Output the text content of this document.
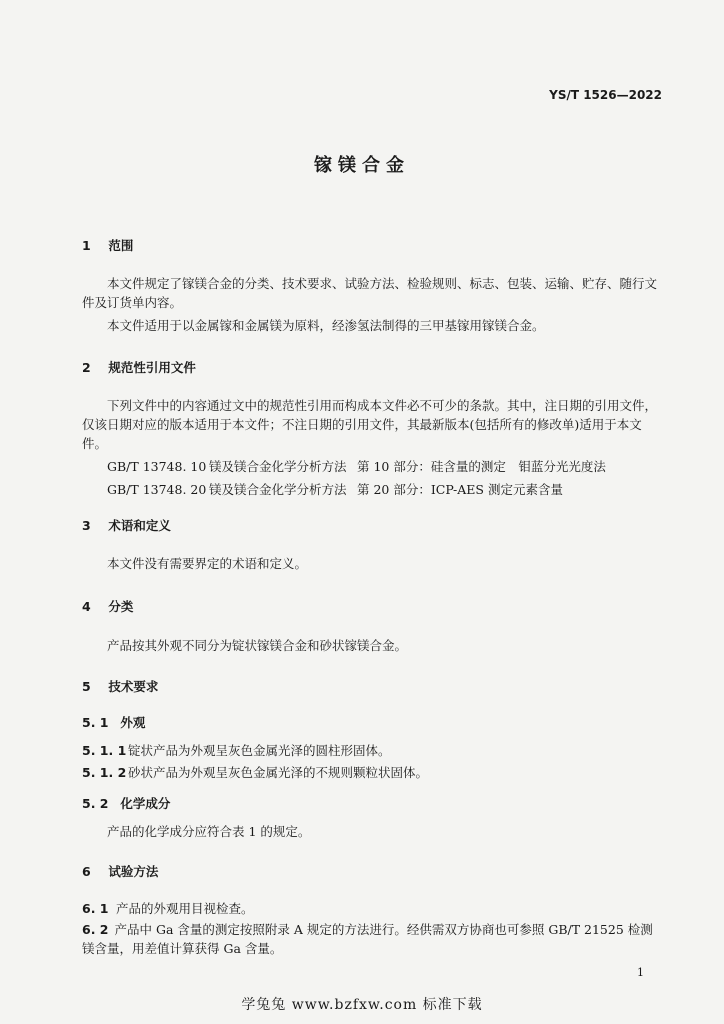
YS/T 1526—2022
镓镁合金
1 范围
本文件规定了镓镁合金的分类、技术要求、试验方法、检验规则、标志、包装、运输、贮存、随行文件及订货单内容。
本文件适用于以金属镓和金属镁为原料，经渗氢法制得的三甲基镓用镓镁合金。
2 规范性引用文件
下列文件中的内容通过文中的规范性引用而构成本文件必不可少的条款。其中，注日期的引用文件，仅该日期对应的版本适用于本文件；不注日期的引用文件，其最新版本(包括所有的修改单)适用于本文件。
GB/T 13748. 10 镁及镁合金化学分析方法 第 10 部分：硅含量的测定　钼蓝分光光度法
GB/T 13748. 20 镁及镁合金化学分析方法 第 20 部分：ICP-AES 测定元素含量
3 术语和定义
本文件没有需要界定的术语和定义。
4 分类
产品按其外观不同分为锭状镓镁合金和砂状镓镁合金。
5 技术要求
5. 1 外观
5. 1. 1 锭状产品为外观呈灰色金属光泽的圆柱形固体。
5. 1. 2 砂状产品为外观呈灰色金属光泽的不规则颗粒状固体。
5. 2 化学成分
产品的化学成分应符合表 1 的规定。
6 试验方法
6. 1 产品的外观用目视检查。
6. 2 产品中 Ga 含量的测定按照附录 A 规定的方法进行。经供需双方协商也可参照 GB/T 21525 检测镁含量，用差值计算获得 Ga 含量。
1
学兔兔 www.bzfxw.com 标准下载
